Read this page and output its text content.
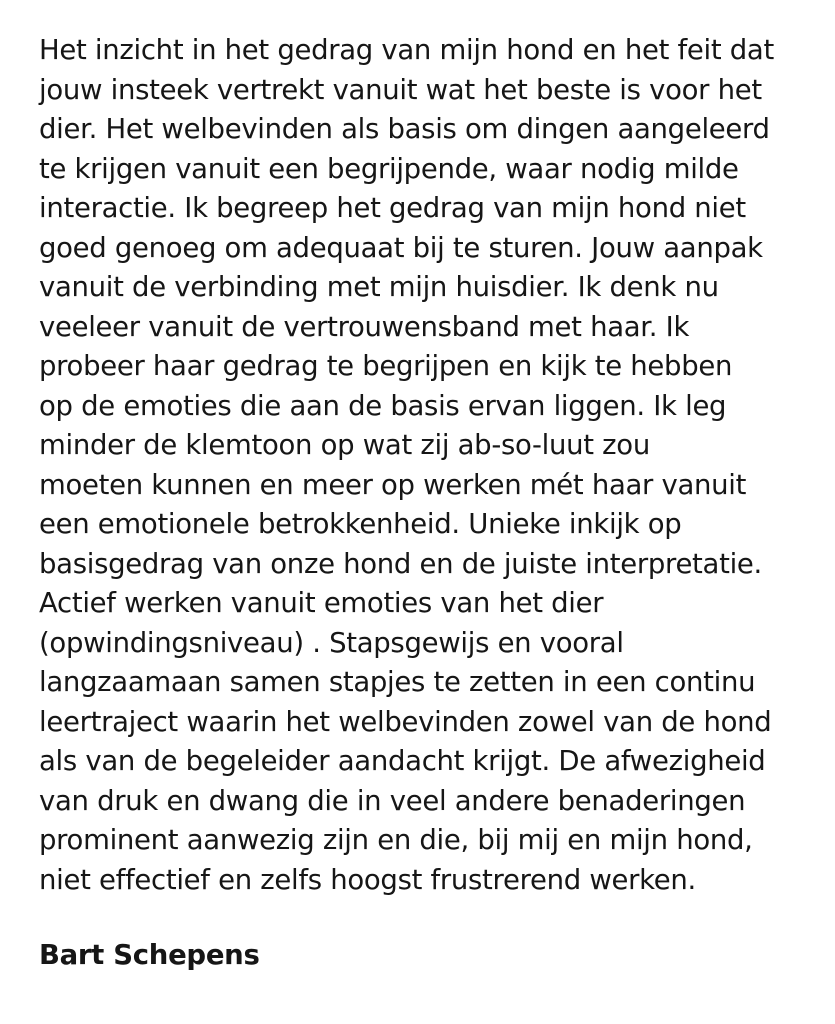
Het inzicht in het gedrag van mijn hond en het feit dat
jouw insteek vertrekt vanuit wat het beste is voor het
dier. Het welbevinden als basis om dingen aangeleerd
te krijgen vanuit een begrijpende, waar nodig milde
interactie. Ik begreep het gedrag van mijn hond niet
goed genoeg om adequaat bij te sturen. Jouw aanpak
vanuit de verbinding met mijn huisdier. Ik denk nu
veeleer vanuit de vertrouwensband met haar. Ik
probeer haar gedrag te begrijpen en kijk te hebben
op de emoties die aan de basis ervan liggen. Ik leg
minder de klemtoon op wat zij ab-so-luut zou
moeten kunnen en meer op werken mét haar vanuit
een emotionele betrokkenheid. Unieke inkijk op
basisgedrag van onze hond en de juiste interpretatie.
Actief werken vanuit emoties van het dier
(opwindingsniveau) . Stapsgewijs en vooral
langzaamaan samen stapjes te zetten in een continu
leertraject waarin het welbevinden zowel van de hond
als van de begeleider aandacht krijgt. De afwezigheid
van druk en dwang die in veel andere benaderingen
prominent aanwezig zijn en die, bij mij en mijn hond,
niet effectief en zelfs hoogst frustrerend werken.

Bart Schepens
